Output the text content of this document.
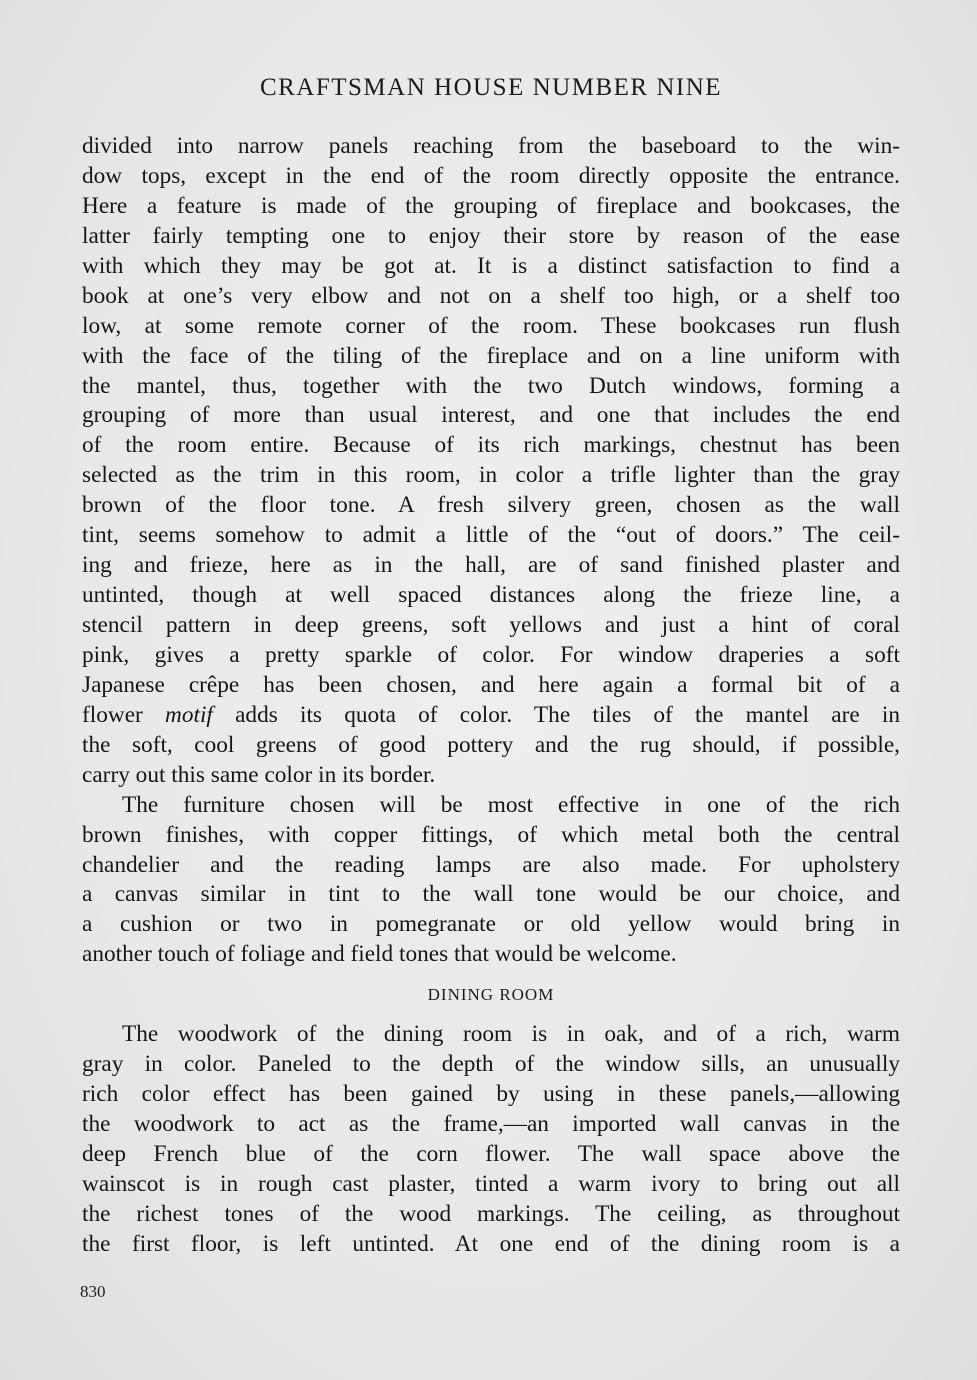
CRAFTSMAN HOUSE NUMBER NINE
divided into narrow panels reaching from the baseboard to the win-
dow tops, except in the end of the room directly opposite the entrance.
Here a feature is made of the grouping of fireplace and bookcases, the
latter fairly tempting one to enjoy their store by reason of the ease
with which they may be got at. It is a distinct satisfaction to find a
book at one’s very elbow and not on a shelf too high, or a shelf too
low, at some remote corner of the room. These bookcases run flush
with the face of the tiling of the fireplace and on a line uniform with
the mantel, thus, together with the two Dutch windows, forming a
grouping of more than usual interest, and one that includes the end
of the room entire. Because of its rich markings, chestnut has been
selected as the trim in this room, in color a trifle lighter than the gray
brown of the floor tone. A fresh silvery green, chosen as the wall
tint, seems somehow to admit a little of the “out of doors.” The ceil-
ing and frieze, here as in the hall, are of sand finished plaster and
untinted, though at well spaced distances along the frieze line, a
stencil pattern in deep greens, soft yellows and just a hint of coral
pink, gives a pretty sparkle of color. For window draperies a soft
Japanese crêpe has been chosen, and here again a formal bit of a
flower motif adds its quota of color. The tiles of the mantel are in
the soft, cool greens of good pottery and the rug should, if possible,
carry out this same color in its border.
The furniture chosen will be most effective in one of the rich
brown finishes, with copper fittings, of which metal both the central
chandelier and the reading lamps are also made. For upholstery
a canvas similar in tint to the wall tone would be our choice, and
a cushion or two in pomegranate or old yellow would bring in
another touch of foliage and field tones that would be welcome.
DINING ROOM
The woodwork of the dining room is in oak, and of a rich, warm
gray in color. Paneled to the depth of the window sills, an unusually
rich color effect has been gained by using in these panels,—allowing
the woodwork to act as the frame,—an imported wall canvas in the
deep French blue of the corn flower. The wall space above the
wainscot is in rough cast plaster, tinted a warm ivory to bring out all
the richest tones of the wood markings. The ceiling, as throughout
the first floor, is left untinted. At one end of the dining room is a
830
